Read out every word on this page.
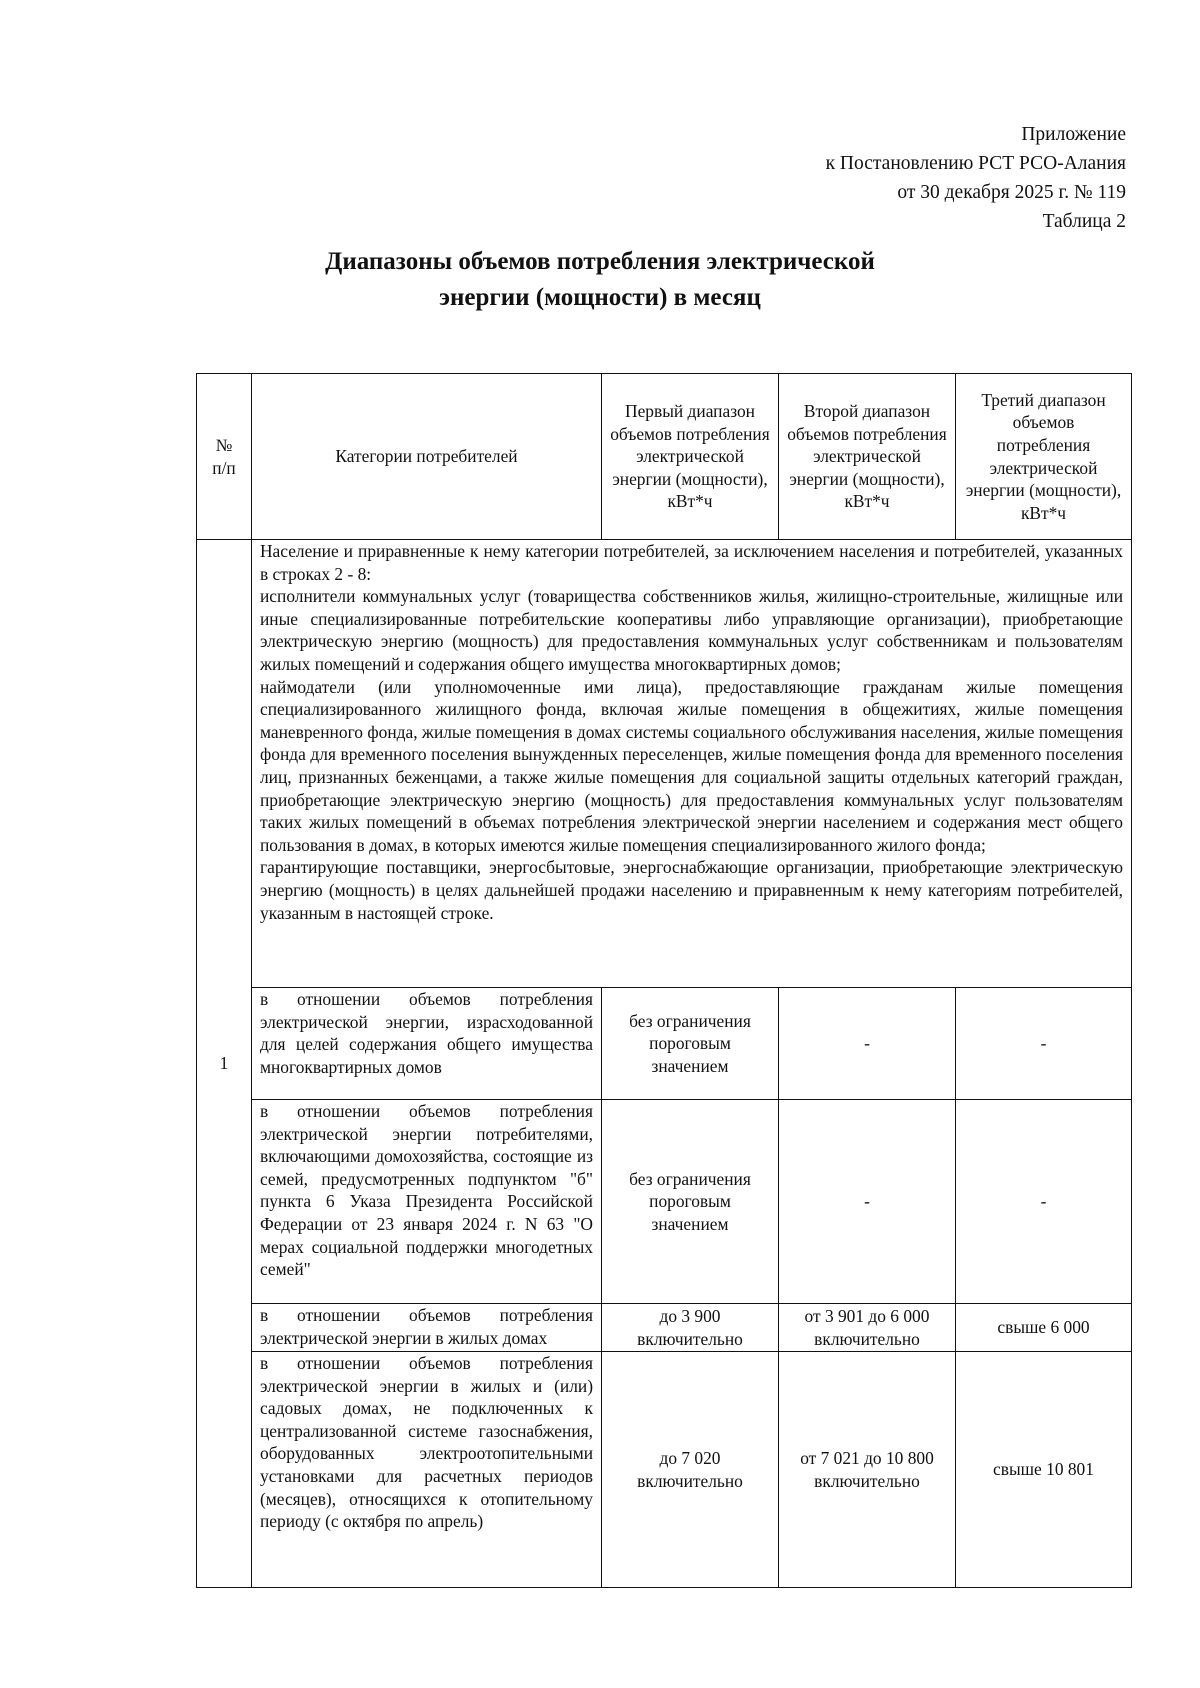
Приложение
к Постановлению РСТ РСО-Алания
от 30 декабря 2025 г. № 119
Таблица 2
Диапазоны объемов потребления электрической
энергии (мощности) в месяц
№ п/п	Категории потребителей	Первый диапазон объемов потребления электрической энергии (мощности), кВт*ч	Второй диапазон объемов потребления электрической энергии (мощности), кВт*ч	Третий диапазон объемов потребления электрической энергии (мощности), кВт*ч
1	Население и приравненные к нему категории потребителей, за исключением населения и потребителей, указанных в строках 2 - 8:

исполнители коммунальных услуг (товарищества собственников жилья, жилищно-строительные, жилищные или иные специализированные потребительские кооперативы либо управляющие организации), приобретающие электрическую энергию (мощность) для предоставления коммунальных услуг собственникам и пользователям жилых помещений и содержания общего имущества многоквартирных домов;

наймодатели (или уполномоченные ими лица), предоставляющие гражданам жилые помещения специализированного жилищного фонда, включая жилые помещения в общежитиях, жилые помещения маневренного фонда, жилые помещения в домах системы социального обслуживания населения, жилые помещения фонда для временного поселения вынужденных переселенцев, жилые помещения фонда для временного поселения лиц, признанных беженцами, а также жилые помещения для социальной защиты отдельных категорий граждан, приобретающие электрическую энергию (мощность) для предоставления коммунальных услуг пользователям таких жилых помещений в объемах потребления электрической энергии населением и содержания мест общего пользования в домах, в которых имеются жилые помещения специализированного жилого фонда;

гарантирующие поставщики, энергосбытовые, энергоснабжающие организации, приобретающие электрическую энергию (мощность) в целях дальнейшей продажи населению и приравненным к нему категориям потребителей, указанным в настоящей строке.			

	в отношении объемов потребления электрической энергии, израсходованной для целей содержания общего имущества многоквартирных домов	без ограничения пороговым значением	-	-
	в отношении объемов потребления электрической энергии потребителями, включающими домохозяйства, состоящие из семей, предусмотренных подпунктом "б" пункта 6 Указа Президента Российской Федерации от 23 января 2024 г. N 63 "О мерах социальной поддержки многодетных семей"	без ограничения пороговым значением	-	-
	в отношении объемов потребления электрической энергии в жилых домах	до 3 900 включительно	от 3 901 до 6 000 включительно	свыше 6 000
	в отношении объемов потребления электрической энергии в жилых и (или) садовых домах, не подключенных к централизованной системе газоснабжения, оборудованных электроотопительными установками для расчетных периодов (месяцев), относящихся к отопительному периоду (с октября по апрель)	до 7 020 включительно	от 7 021 до 10 800 включительно	свыше 10 801
